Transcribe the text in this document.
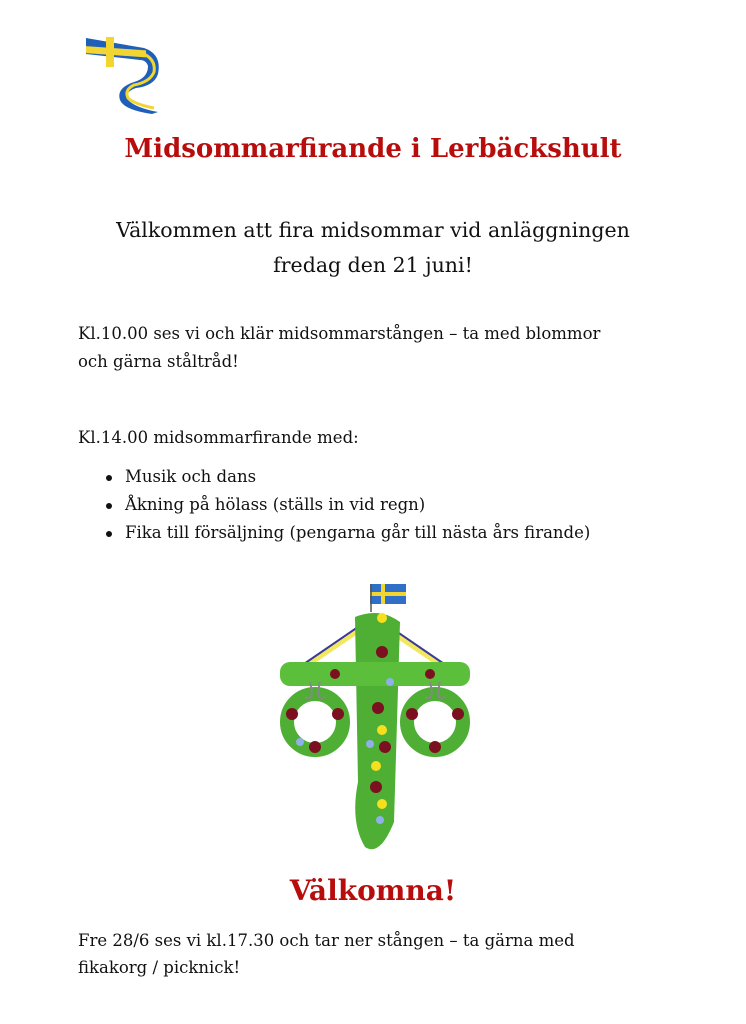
Midsommarfirande i Lerbäckshult
Välkommen att fira midsommar vid anläggningen
fredag den 21 juni!
Kl.10.00 ses vi och klär midsommarstången – ta med blommor
och gärna ståltråd!
Kl.14.00 midsommarfirande med:
Musik och dans
Åkning på hölass (ställs in vid regn)
Fika till försäljning (pengarna går till nästa års firande)
Välkomna!
Fre 28/6 ses vi kl.17.30 och tar ner stången – ta gärna med
fikakorg / picknick!
